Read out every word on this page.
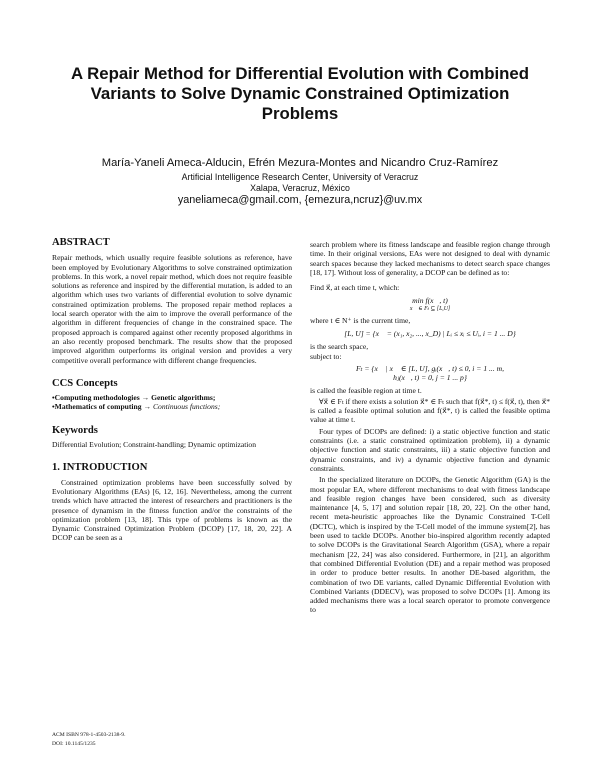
A Repair Method for Differential Evolution with Combined
Variants to Solve Dynamic Constrained Optimization
Problems
María-Yaneli Ameca-Alducin, Efrén Mezura-Montes and Nicandro Cruz-Ramírez
Artificial Intelligence Research Center, University of Veracruz
Xalapa, Veracruz, México
yaneliameca@gmail.com, {emezura,ncruz}@uv.mx
ABSTRACT

Repair methods, which usually require feasible solutions as reference, have been employed by Evolutionary Algorithms to solve constrained optimization problems. In this work, a novel repair method, which does not require feasible solutions as reference and inspired by the differential mutation, is added to an algorithm which uses two variants of differential evolution to solve dynamic constrained optimization problems. The proposed repair method replaces a local search operator with the aim to improve the overall performance of the algorithm in different frequencies of change in the constrained space. The proposed approach is compared against other recently proposed algorithms in an also recently proposed benchmark. The results show that the proposed improved algorithm outperforms its original version and provides a very competitive overall performance with different change frequencies.

CCS Concepts
•Computing methodologies → Genetic algorithms;
•Mathematics of computing → Continuous functions;
Keywords

Differential Evolution; Constraint-handling; Dynamic optimization

1. INTRODUCTION

Constrained optimization problems have been successfully solved by Evolutionary Algorithms (EAs) [6, 12, 16]. Nevertheless, among the current trends which have attracted the interest of researchers and practitioners is the presence of dynamism in the fitness function and/or the constraints of the optimization problem [13, 18]. This type of problems is known as the Dynamic Constrained Optimization Problem (DCOP) [17, 18, 20, 22]. A DCOP can be seen as a

ACM ISBN 978-1-4503-2138-9.
DOI: 10.1145/1235

search problem where its fitness landscape and feasible region change through time. In their original versions, EAs were not designed to deal with dynamic search spaces because they lacked mechanisms to detect search space changes [18, 17]. Without loss of generality, a DCOP can be defined as to:

Find x⃗, at each time t, which:

min f(x⃗, t)
x⃗ ∈ Fₜ ⊆ [L,U]

where t ∈ N⁺ is the current time,

[L, U] = {x⃗ = (x₁, x₂, ..., x_D) | Lᵢ ≤ xᵢ ≤ Uᵢ, i = 1 ... D}

is the search space,

subject to:

Fₜ = {x⃗ | x⃗ ∈ [L, U], gᵢ(x⃗, t) ≤ 0, i = 1 ... m,
hⱼ(x⃗, t) = 0, j = 1 ... p}

is called the feasible region at time t.

∀x⃗ ∈ Fₜ if there exists a solution x⃗* ∈ Fₜ such that f(x⃗*, t) ≤ f(x⃗, t), then x⃗* is called a feasible optimal solution and f(x⃗*, t) is called the feasible optima value at time t.

Four types of DCOPs are defined: i) a static objective function and static constraints (i.e. a static constrained optimization problem), ii) a dynamic objective function and static constraints, iii) a static objective function and dynamic constraints, and iv) a dynamic objective function and dynamic constraints.

In the specialized literature on DCOPs, the Genetic Algorithm (GA) is the most popular EA, where different mechanisms to deal with fitness landscape and feasible region changes have been considered, such as diversity maintenance [4, 5, 17] and solution repair [18, 20, 22]. On the other hand, recent meta-heuristic approaches like the Dynamic Constrained T-Cell (DCTC), which is inspired by the T-Cell model of the immune system[2], has been used to tackle DCOPs. Another bio-inspired algorithm recently adapted to solve DCOPs is the Gravitational Search Algorithm (GSA), where a repair mechanism [22, 24] was also considered. Furthermore, in [21], an algorithm that combined Differential Evolution (DE) and a repair method was proposed in order to produce better results. In another DE-based algorithm, the combination of two DE variants, called Dynamic Differential Evolution with Combined Variants (DDECV), was proposed to solve DCOPs [1]. Among its added mechanisms there was a local search operator to promote convergence to
